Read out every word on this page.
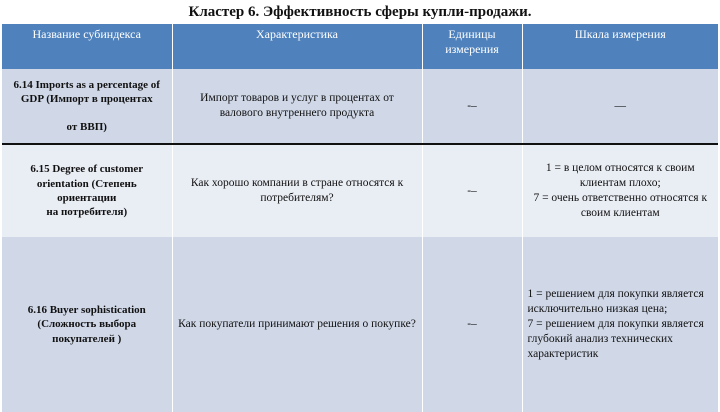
Кластер 6. Эффективность сферы купли-продажи.
Название субиндекса	Характеристика	Единицы измерения	Шкала измерения

6.14 Imports as a percentage of GDP (Импорт в процентах
от ВВП)	Импорт товаров и услуг в процентах от валового внутреннего продукта	-–	—

6.15 Degree of customer orientation (Степень ориентации
на потребителя)	Как хорошо компании в стране относятся к потребителям?	-–	1 = в целом относятся к своим клиентам плохо;
7 = очень ответственно относятся к своим клиентам

6.16 Buyer sophistication
(Сложность выбора покупателей )	Как покупатели принимают решения о покупке?	-–	1 = решением для покупки является исключительно низкая цена;
7 = решением для покупки является глубокий анализ технических характеристик
